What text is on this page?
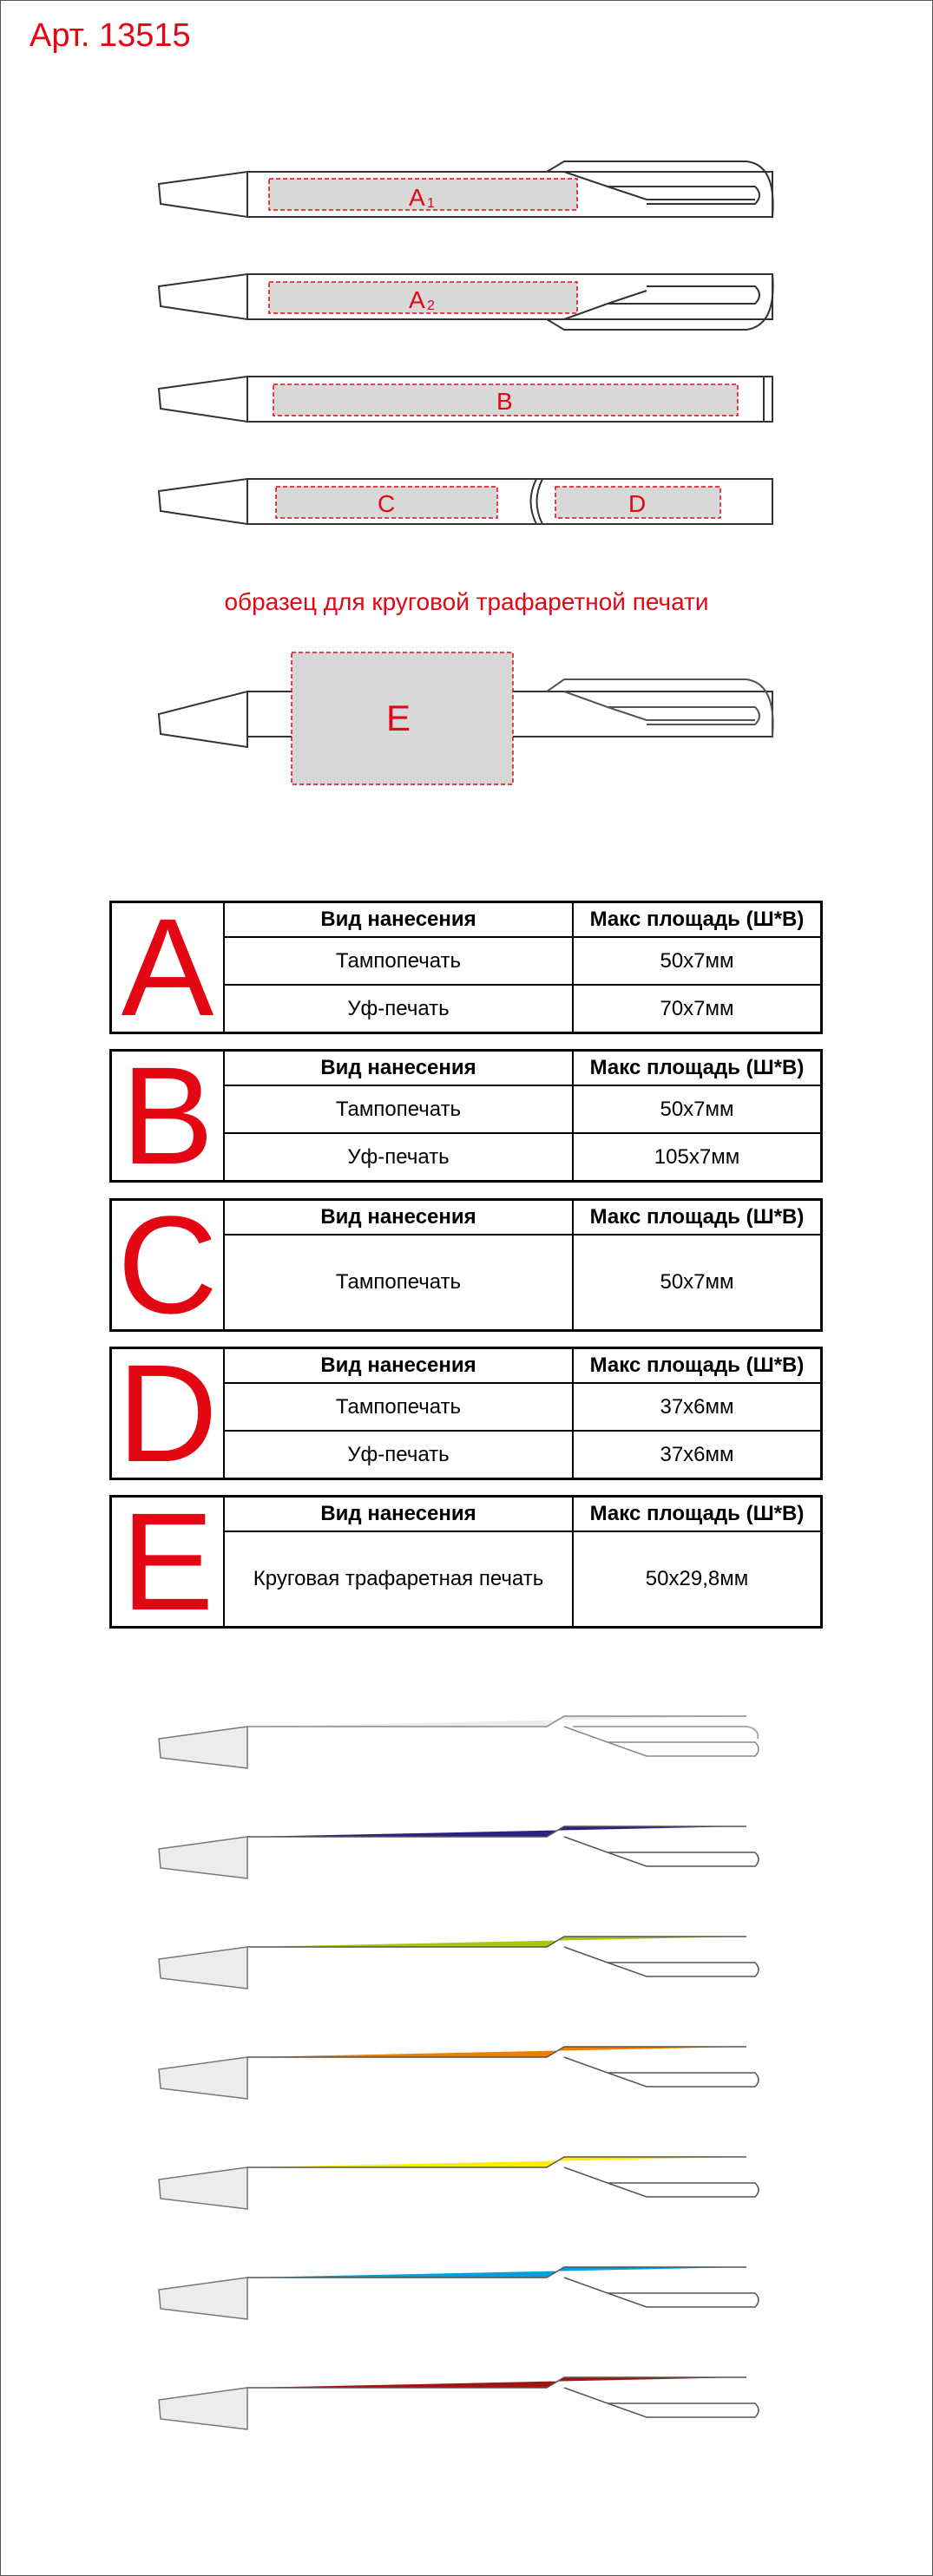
Арт. 13515
A 1
A 2
B
C	D
E
образец для круговой трафаретной печати
A	Вид нанесения	Макс площадь (Ш*В)
Тампопечать	50x7мм
Уф-печать	70x7мм
B	Вид нанесения	Макс площадь (Ш*В)
Тампопечать	50x7мм
Уф-печать	105x7мм
C	Вид нанесения	Макс площадь (Ш*В)
Тампопечать	50x7мм
D	Вид нанесения	Макс площадь (Ш*В)
Тампопечать	37x6мм
Уф-печать	37x6мм
E	Вид нанесения	Макс площадь (Ш*В)
Круговая трафаретная печать	50x29,8мм
